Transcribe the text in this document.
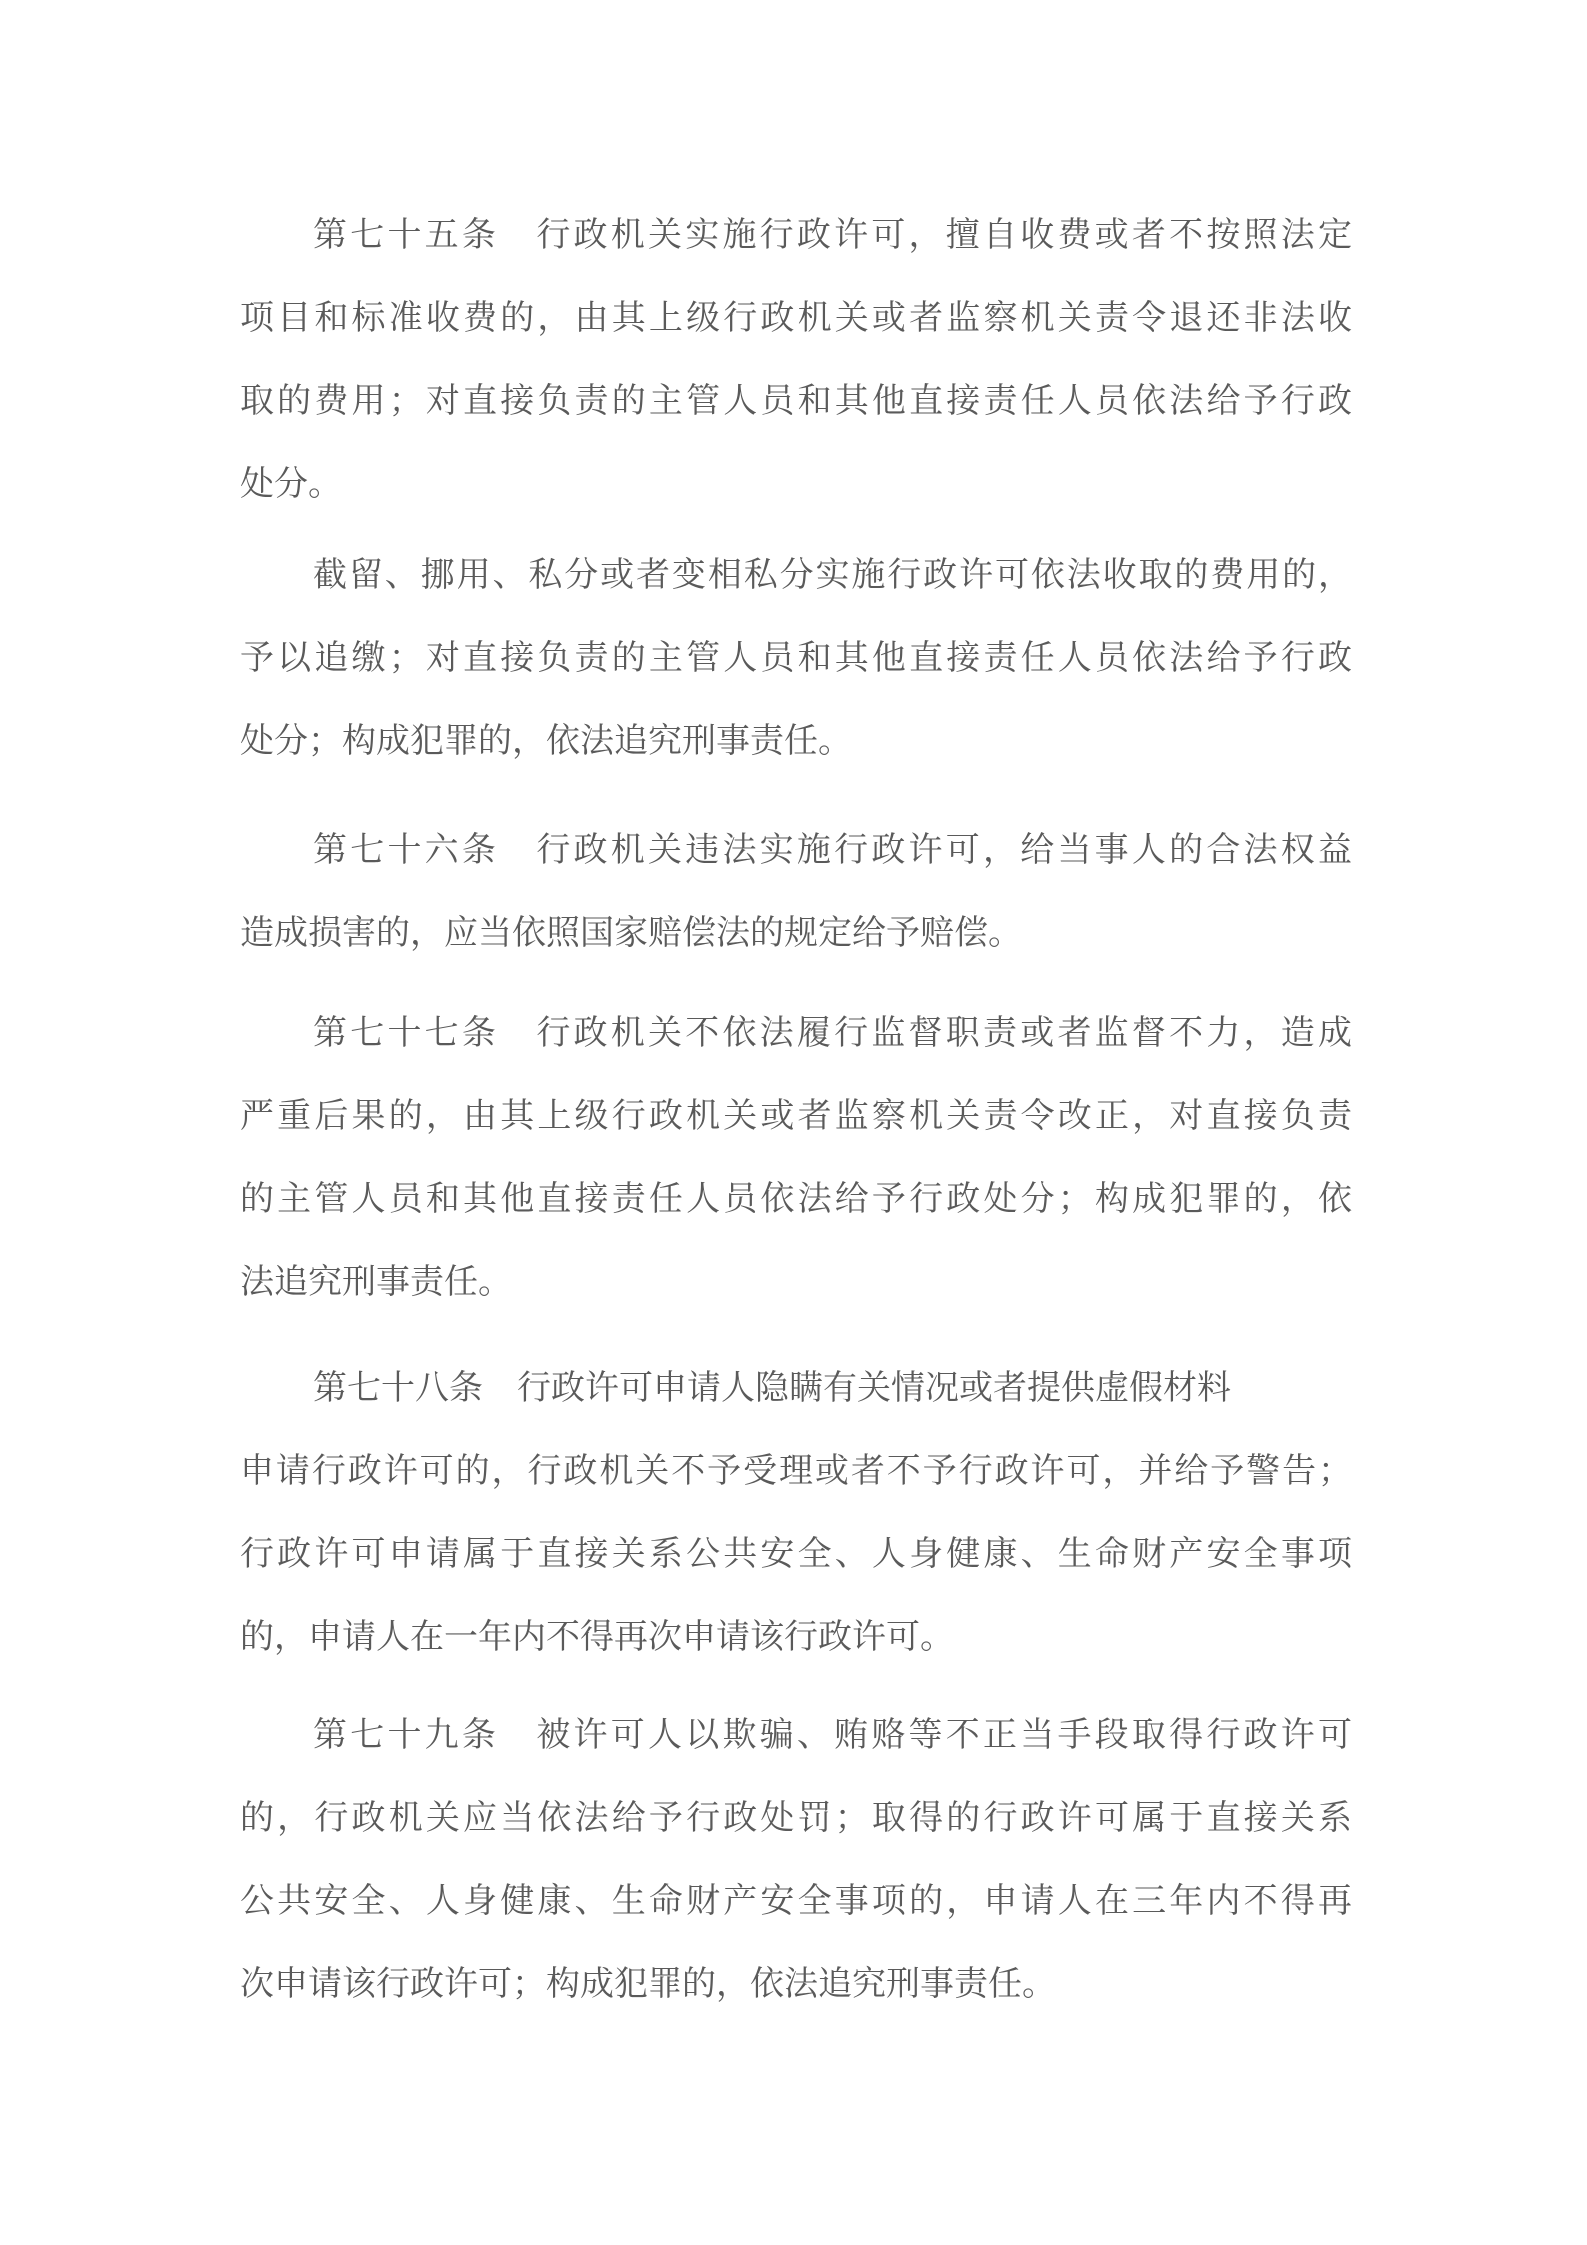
第七十五条　行政机关实施行政许可，擅自收费或者不按照法定
项目和标准收费的，由其上级行政机关或者监察机关责令退还非法收
取的费用；对直接负责的主管人员和其他直接责任人员依法给予行政
处分。
截留、挪用、私分或者变相私分实施行政许可依法收取的费用的，
予以追缴；对直接负责的主管人员和其他直接责任人员依法给予行政
处分；构成犯罪的，依法追究刑事责任。
第七十六条　行政机关违法实施行政许可，给当事人的合法权益
造成损害的，应当依照国家赔偿法的规定给予赔偿。
第七十七条　行政机关不依法履行监督职责或者监督不力，造成
严重后果的，由其上级行政机关或者监察机关责令改正，对直接负责
的主管人员和其他直接责任人员依法给予行政处分；构成犯罪的，依
法追究刑事责任。
第七十八条　行政许可申请人隐瞒有关情况或者提供虚假材料
申请行政许可的，行政机关不予受理或者不予行政许可，并给予警告；
行政许可申请属于直接关系公共安全、人身健康、生命财产安全事项
的，申请人在一年内不得再次申请该行政许可。
第七十九条　被许可人以欺骗、贿赂等不正当手段取得行政许可
的，行政机关应当依法给予行政处罚；取得的行政许可属于直接关系
公共安全、人身健康、生命财产安全事项的，申请人在三年内不得再
次申请该行政许可；构成犯罪的，依法追究刑事责任。
